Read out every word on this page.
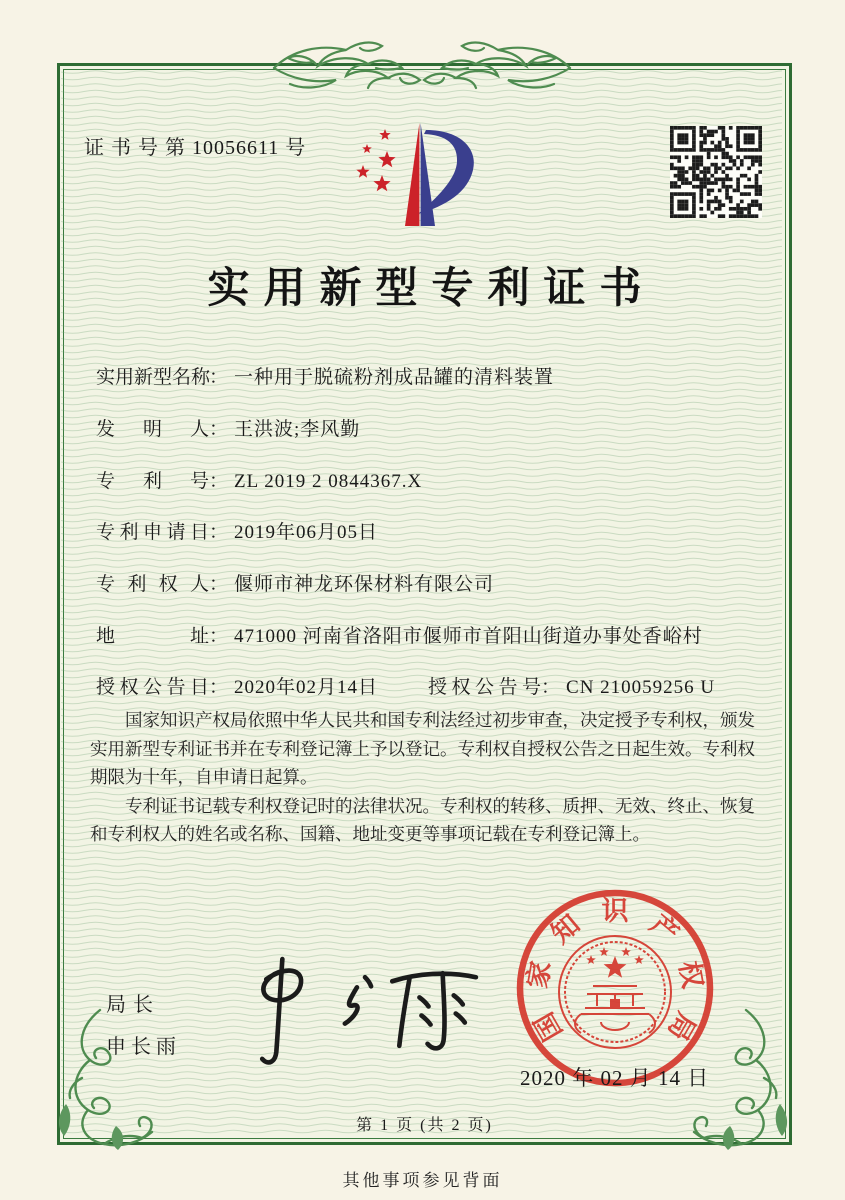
证 书 号 第 10056611 号
实用新型专利证书
实用新型名称 ： 一种用于脱硫粉剂成品罐的清料装置
发明人 ： 王洪波;李风勤
专利号 ： ZL 2019 2 0844367.X
专利申请日 ： 2019年06月05日
专利权人 ： 偃师市神龙环保材料有限公司
地址 ： 471000 河南省洛阳市偃师市首阳山街道办事处香峪村
授权公告日 ： 2020年02月14日	授权公告号 ： CN 210059256 U

国家知识产权局依照中华人民共和国专利法经过初步审查，决定授予专利权，颁发实用新型专利证书并在专利登记簿上予以登记。专利权自授权公告之日起生效。专利权期限为十年，自申请日起算。

专利证书记载专利权登记时的法律状况。专利权的转移、质押、无效、终止、恢复和专利权人的姓名或名称、国籍、地址变更等事项记载在专利登记簿上。

局长
申长雨
国
家
知 识 产
权
局
2020 年 02 月 14 日
第 1 页 (共 2 页)
其他事项参见背面
